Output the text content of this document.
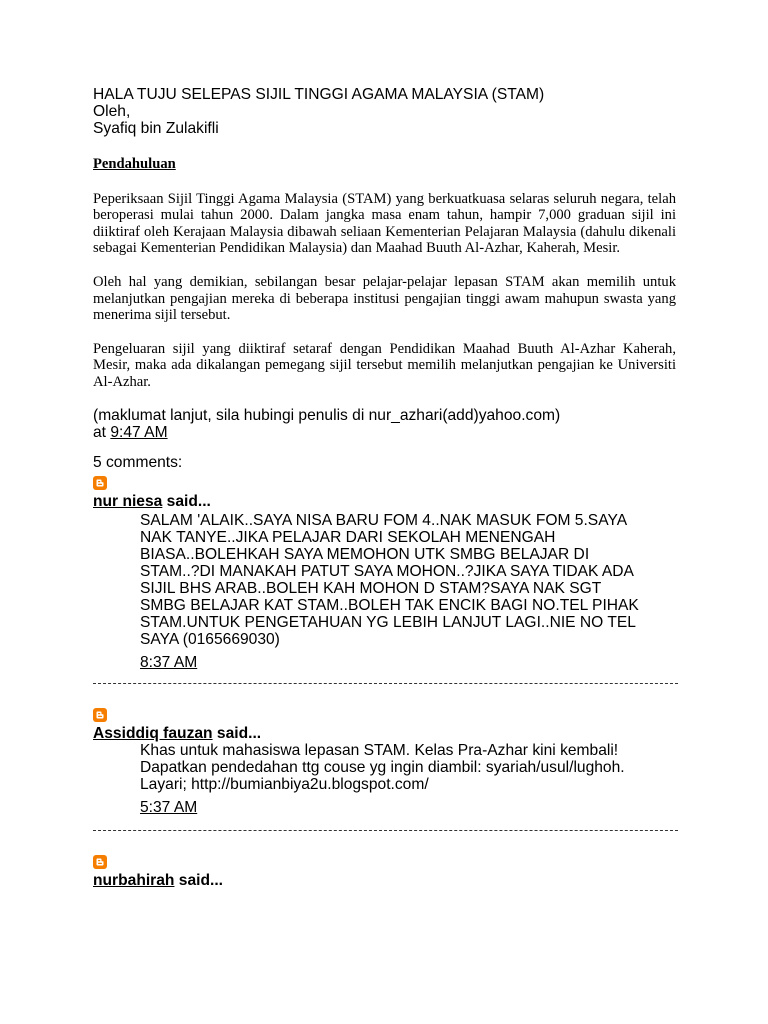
HALA TUJU SELEPAS SIJIL TINGGI AGAMA MALAYSIA (STAM)
Oleh,
Syafiq bin Zulakifli
Pendahuluan

Peperiksaan Sijil Tinggi Agama Malaysia (STAM) yang berkuatkuasa selaras seluruh negara, telah beroperasi mulai tahun 2000. Dalam jangka masa enam tahun, hampir 7,000 graduan sijil ini diiktiraf oleh Kerajaan Malaysia dibawah seliaan Kementerian Pelajaran Malaysia (dahulu dikenali sebagai Kementerian Pendidikan Malaysia) dan Maahad Buuth Al-Azhar, Kaherah, Mesir.

Oleh hal yang demikian, sebilangan besar pelajar-pelajar lepasan STAM akan memilih untuk melanjutkan pengajian mereka di beberapa institusi pengajian tinggi awam mahupun swasta yang menerima sijil tersebut.

Pengeluaran sijil yang diiktiraf setaraf dengan Pendidikan Maahad Buuth Al-Azhar Kaherah, Mesir, maka ada dikalangan pemegang sijil tersebut memilih melanjutkan pengajian ke Universiti Al-Azhar.

(maklumat lanjut, sila hubingi penulis di nur_azhari(add)yahoo.com)
at 9:47 AM
5 comments:
nur niesa said...
SALAM 'ALAIK..SAYA NISA BARU FOM 4..NAK MASUK FOM 5.SAYA
NAK TANYE..JIKA PELAJAR DARI SEKOLAH MENENGAH
BIASA..BOLEHKAH SAYA MEMOHON UTK SMBG BELAJAR DI
STAM..?DI MANAKAH PATUT SAYA MOHON..?JIKA SAYA TIDAK ADA
SIJIL BHS ARAB..BOLEH KAH MOHON D STAM?SAYA NAK SGT
SMBG BELAJAR KAT STAM..BOLEH TAK ENCIK BAGI NO.TEL PIHAK
STAM.UNTUK PENGETAHUAN YG LEBIH LANJUT LAGI..NIE NO TEL
SAYA (0165669030)
8:37 AM
Assiddiq fauzan said...
Khas untuk mahasiswa lepasan STAM. Kelas Pra-Azhar kini kembali!
Dapatkan pendedahan ttg couse yg ingin diambil: syariah/usul/lughoh.
Layari; http://bumianbiya2u.blogspot.com/
5:37 AM
nurbahirah said...
